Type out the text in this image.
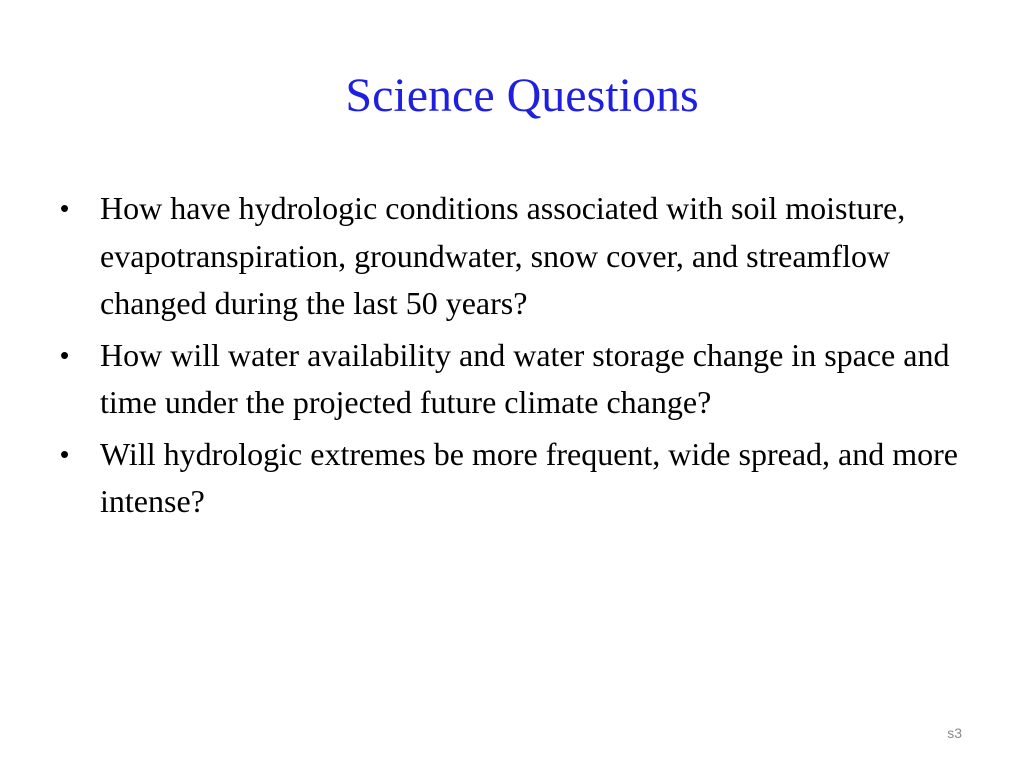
Science Questions
• How have hydrologic conditions associated with soil moisture, evapotranspiration, groundwater, snow cover, and streamflow changed during the last 50 years?
• How will water availability and water storage change in space and time under the projected future climate change?
• Will hydrologic extremes be more frequent, wide spread, and more intense?
s3
